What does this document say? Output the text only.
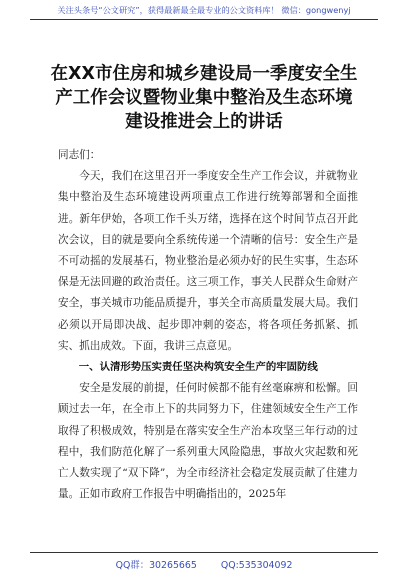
关注头条号“公文研究”，获得最新最全最专业的公文资料库！ 微信：gongwenyj
在XX市住房和城乡建设局一季度安全生产工作会议暨物业集中整治及生态环境建设推进会上的讲话

同志们：

今天，我们在这里召开一季度安全生产工作会议，并就物业集中整治及生态环境建设两项重点工作进行统筹部署和全面推进。新年伊始，各项工作千头万绪，选择在这个时间节点召开此次会议，目的就是要向全系统传递一个清晰的信号：安全生产是不可动摇的发展基石，物业整治是必须办好的民生实事，生态环保是无法回避的政治责任。这三项工作，事关人民群众生命财产安全，事关城市功能品质提升，事关全市高质量发展大局。我们必须以开局即决战、起步即冲刺的姿态，将各项任务抓紧、抓实、抓出成效。下面，我讲三点意见。

一、认清形势压实责任坚决构筑安全生产的牢固防线

安全是发展的前提，任何时候都不能有丝毫麻痹和松懈。回顾过去一年，在全市上下的共同努力下，住建领域安全生产工作取得了积极成效，特别是在落实安全生产治本攻坚三年行动的过程中，我们防范化解了一系列重大风险隐患，事故火灾起数和死亡人数实现了“双下降”，为全市经济社会稳定发展贡献了住建力量。正如市政府工作报告中明确指出的，2025年

QQ群：30265665	QQ:535304092
